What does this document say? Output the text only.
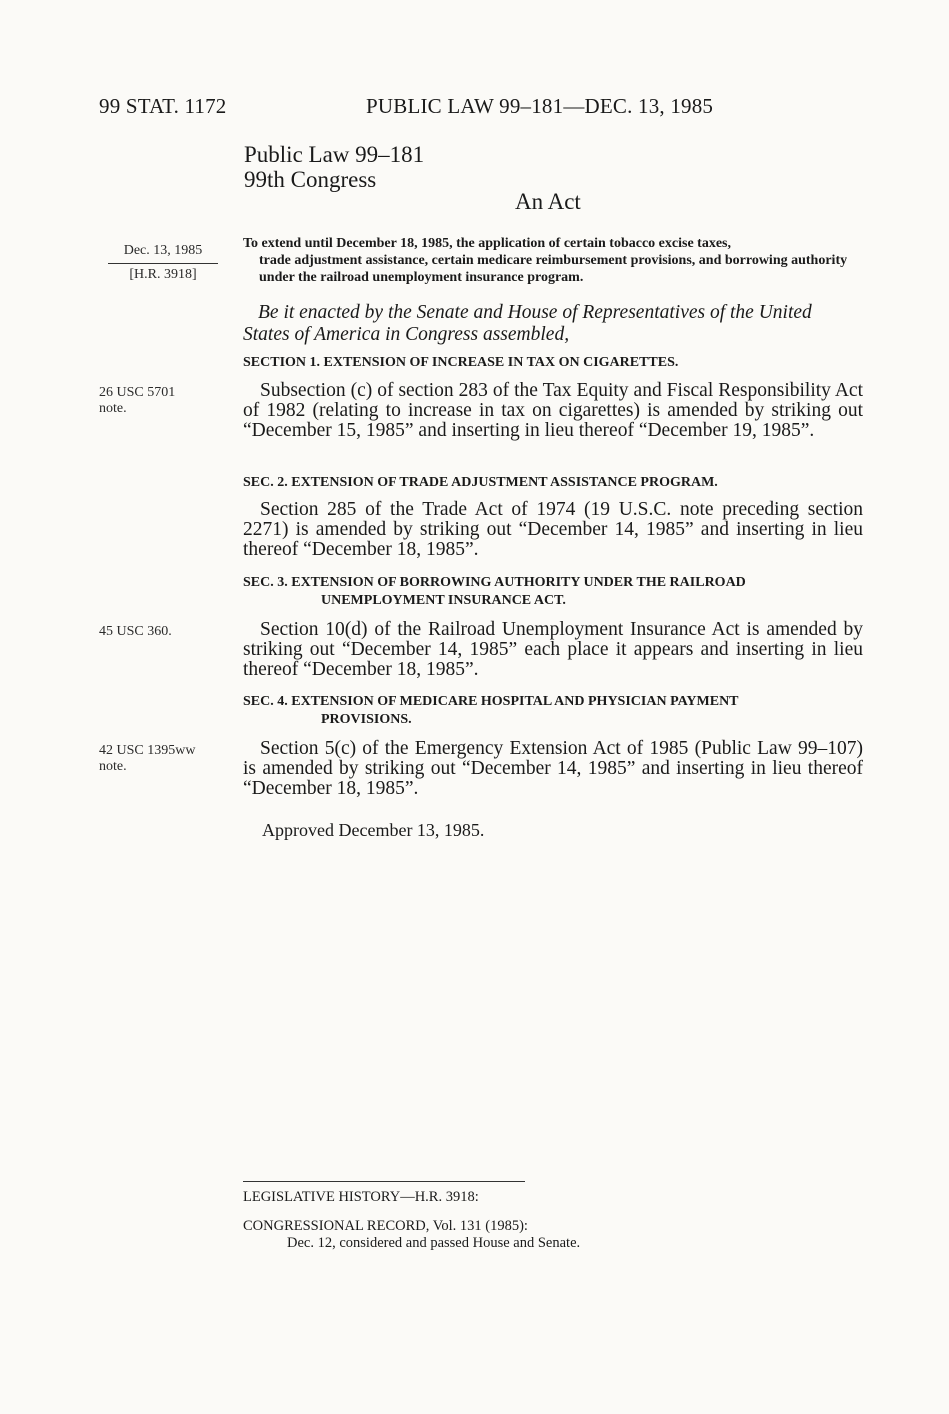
99 STAT. 1172	PUBLIC LAW 99–181—DEC. 13, 1985
Public Law 99–181
99th Congress
An Act
Dec. 13, 1985
[H.R. 3918]
To extend until December 18, 1985, the application of certain tobacco excise taxes,
trade adjustment assistance, certain medicare reimbursement provisions, and borrowing authority under the railroad unemployment insurance program.
Be it enacted by the Senate and House of Representatives of the United States of America in Congress assembled,
SECTION 1. EXTENSION OF INCREASE IN TAX ON CIGARETTES.
26 USC 5701
note.
Subsection (c) of section 283 of the Tax Equity and Fiscal Responsibility Act of 1982 (relating to increase in tax on cigarettes) is amended by striking out “December 15, 1985” and inserting in lieu thereof “December 19, 1985”.
SEC. 2. EXTENSION OF TRADE ADJUSTMENT ASSISTANCE PROGRAM.
Section 285 of the Trade Act of 1974 (19 U.S.C. note preceding section 2271) is amended by striking out “December 14, 1985” and inserting in lieu thereof “December 18, 1985”.
SEC. 3. EXTENSION OF BORROWING AUTHORITY UNDER THE RAILROAD
UNEMPLOYMENT INSURANCE ACT.
45 USC 360.	Section 10(d) of the Railroad Unemployment Insurance Act is amended by striking out “December 14, 1985” each place it appears and inserting in lieu thereof “December 18, 1985”.
SEC. 4. EXTENSION OF MEDICARE HOSPITAL AND PHYSICIAN PAYMENT
PROVISIONS.
42 USC 1395ww
note.
Section 5(c) of the Emergency Extension Act of 1985 (Public Law 99–107) is amended by striking out “December 14, 1985” and inserting in lieu thereof “December 18, 1985”.
Approved December 13, 1985.
LEGISLATIVE HISTORY—H.R. 3918:
CONGRESSIONAL RECORD, Vol. 131 (1985):
Dec. 12, considered and passed House and Senate.
